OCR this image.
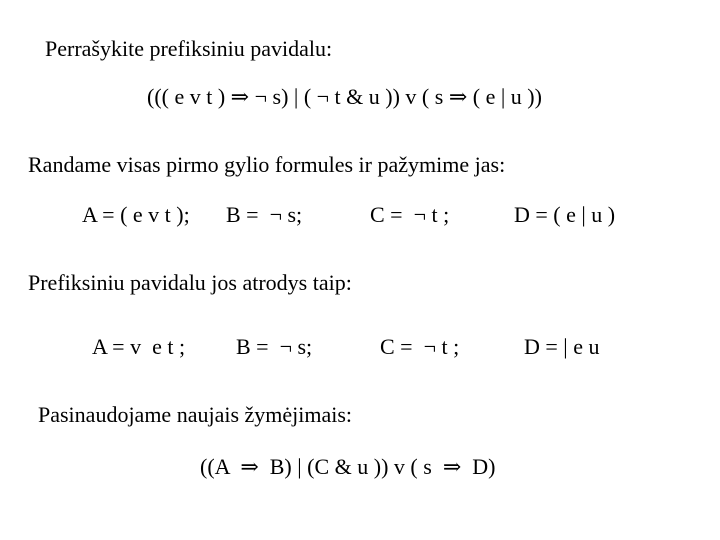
Perrašykite prefiksiniu pavidalu:
((( e v t ) ⇒ ¬ s) | ( ¬ t & u )) v ( s ⇒ ( e | u ))
Randame visas pirmo gylio formules ir pažymime jas:
A = ( e v t ); B =  ¬ s;	C =  ¬ t ;	D = ( e | u )
Prefiksiniu pavidalu jos atrodys taip:
A = v  e t ; B =  ¬ s;	C =  ¬ t ;	D = | e u
Pasinaudojame naujais žymėjimais:
((A  ⇒  B) | (C & u )) v ( s  ⇒  D)
